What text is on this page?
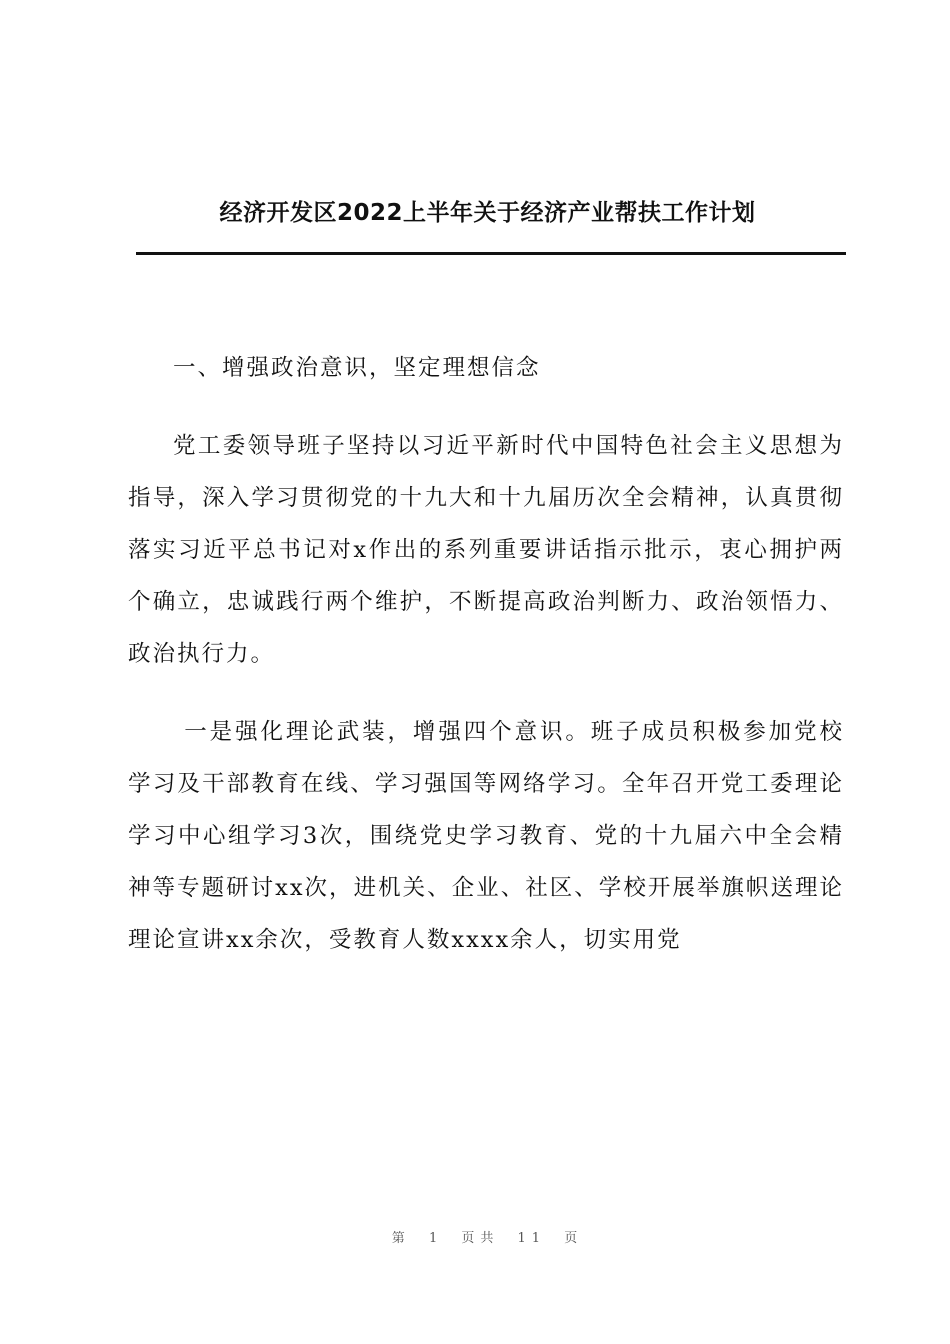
经济开发区2022上半年关于经济产业帮扶工作计划

一、增强政治意识，坚定理想信念

党工委领导班子坚持以习近平新时代中国特色社会主义思想为指导，深入学习贯彻党的十九大和十九届历次全会精神，认真贯彻落实习近平总书记对x作出的系列重要讲话指示批示，衷心拥护两个确立，忠诚践行两个维护，不断提高政治判断力、政治领悟力、政治执行力。

一是强化理论武装，增强四个意识。班子成员积极参加党校学习及干部教育在线、学习强国等网络学习。全年召开党工委理论学习中心组学习3次，围绕党史学习教育、党的十九届六中全会精神等专题研讨xx次，进机关、企业、社区、学校开展举旗帜送理论理论宣讲xx余次，受教育人数xxxx余人，切实用党

第 1 页共 11 页
